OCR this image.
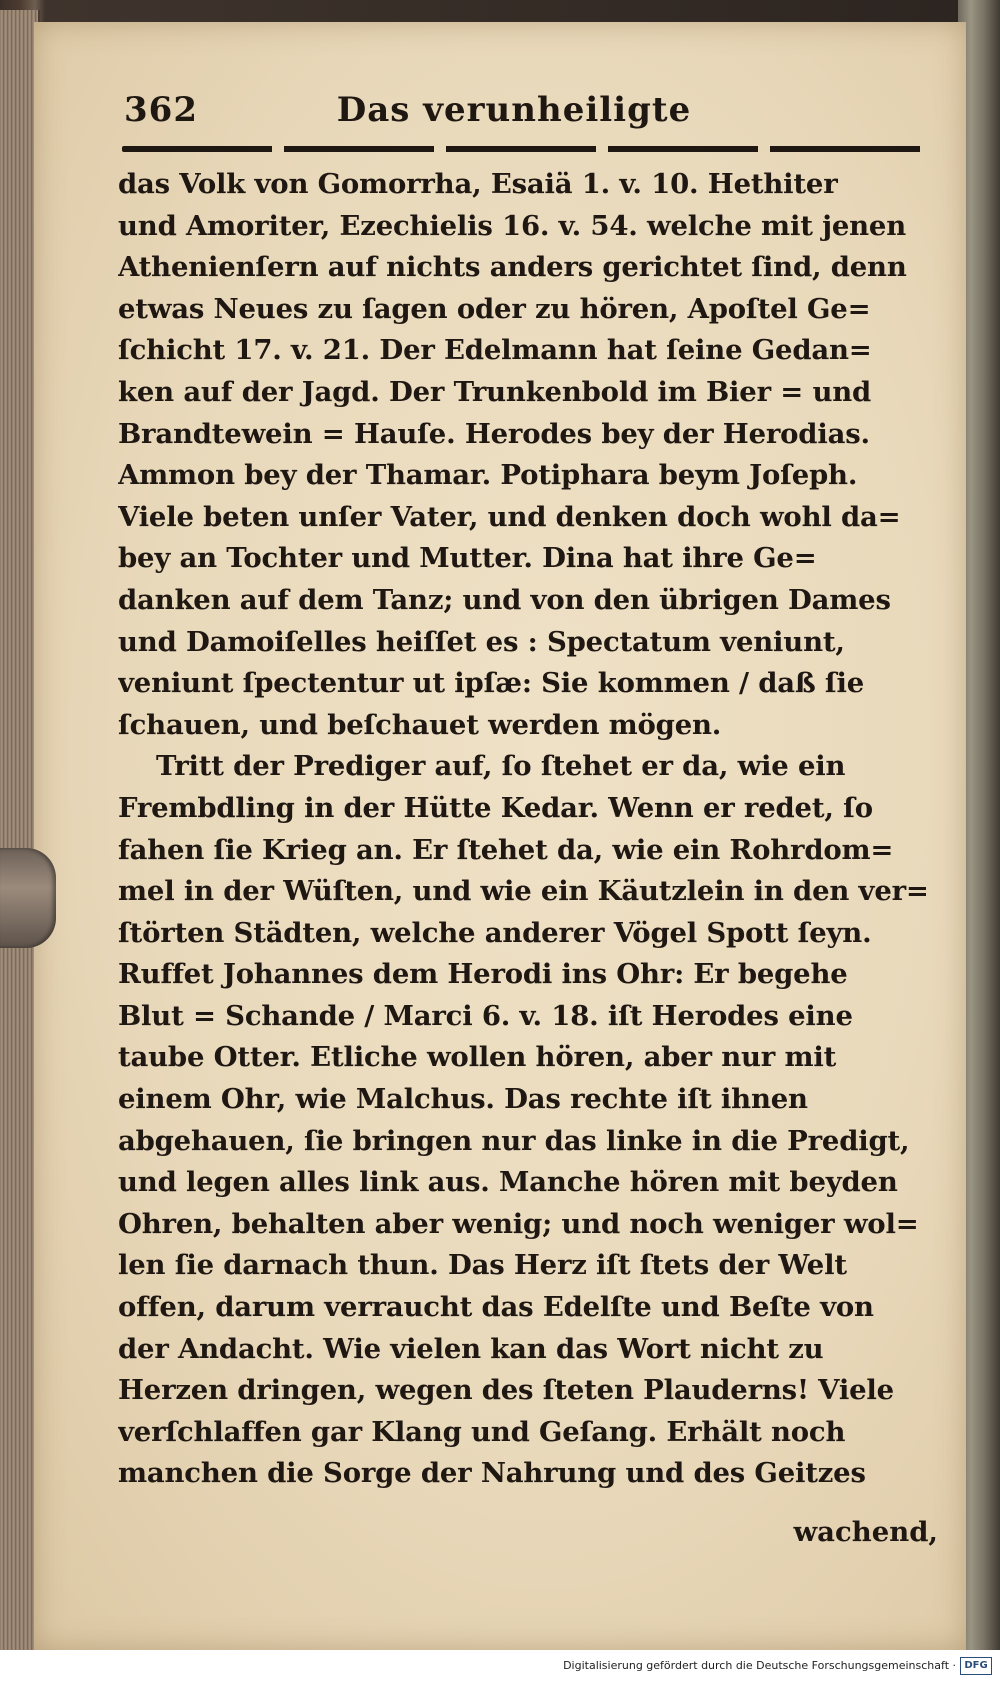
362	Das verunheiligte
das Volk von Gomorrha, Esaiä 1. v. 10. Hethiter
und Amoriter, Ezechielis 16. v. 54. welche mit jenen
Athenienſern auf nichts anders gerichtet ſind, denn
etwas Neues zu ſagen oder zu hören, Apoſtel Ge=
ſchicht 17. v. 21. Der Edelmann hat ſeine Gedan=
ken auf der Jagd. Der Trunkenbold im Bier = und
Brandtewein = Hauſe. Herodes bey der Herodias.
Ammon bey der Thamar. Potiphara beym Joſeph.
Viele beten unſer Vater, und denken doch wohl da=
bey an Tochter und Mutter. Dina hat ihre Ge=
danken auf dem Tanz; und von den übrigen Dames
und Damoiſelles heiſſet es : Spectatum veniunt,
veniunt ſpectentur ut ipſæ: Sie kommen / daß ſie
ſchauen, und beſchauet werden mögen.
Tritt der Prediger auf, ſo ſtehet er da, wie ein
Frembdling in der Hütte Kedar. Wenn er redet, ſo
fahen ſie Krieg an. Er ſtehet da, wie ein Rohrdom=
mel in der Wüſten, und wie ein Käutzlein in den ver=
ſtörten Städten, welche anderer Vögel Spott ſeyn.
Ruffet Johannes dem Herodi ins Ohr: Er begehe
Blut = Schande / Marci 6. v. 18. iſt Herodes eine
taube Otter. Etliche wollen hören, aber nur mit
einem Ohr, wie Malchus. Das rechte iſt ihnen
abgehauen, ſie bringen nur das linke in die Predigt,
und legen alles link aus. Manche hören mit beyden
Ohren, behalten aber wenig; und noch weniger wol=
len ſie darnach thun. Das Herz iſt ſtets der Welt
offen, darum verraucht das Edelſte und Beſte von
der Andacht. Wie vielen kan das Wort nicht zu
Herzen dringen, wegen des ſteten Plauderns! Viele
verſchlaffen gar Klang und Geſang. Erhält noch
manchen die Sorge der Nahrung und des Geitzes
wachend,
Digitalisierung gefördert durch die Deutsche Forschungsgemeinschaft · DFG
